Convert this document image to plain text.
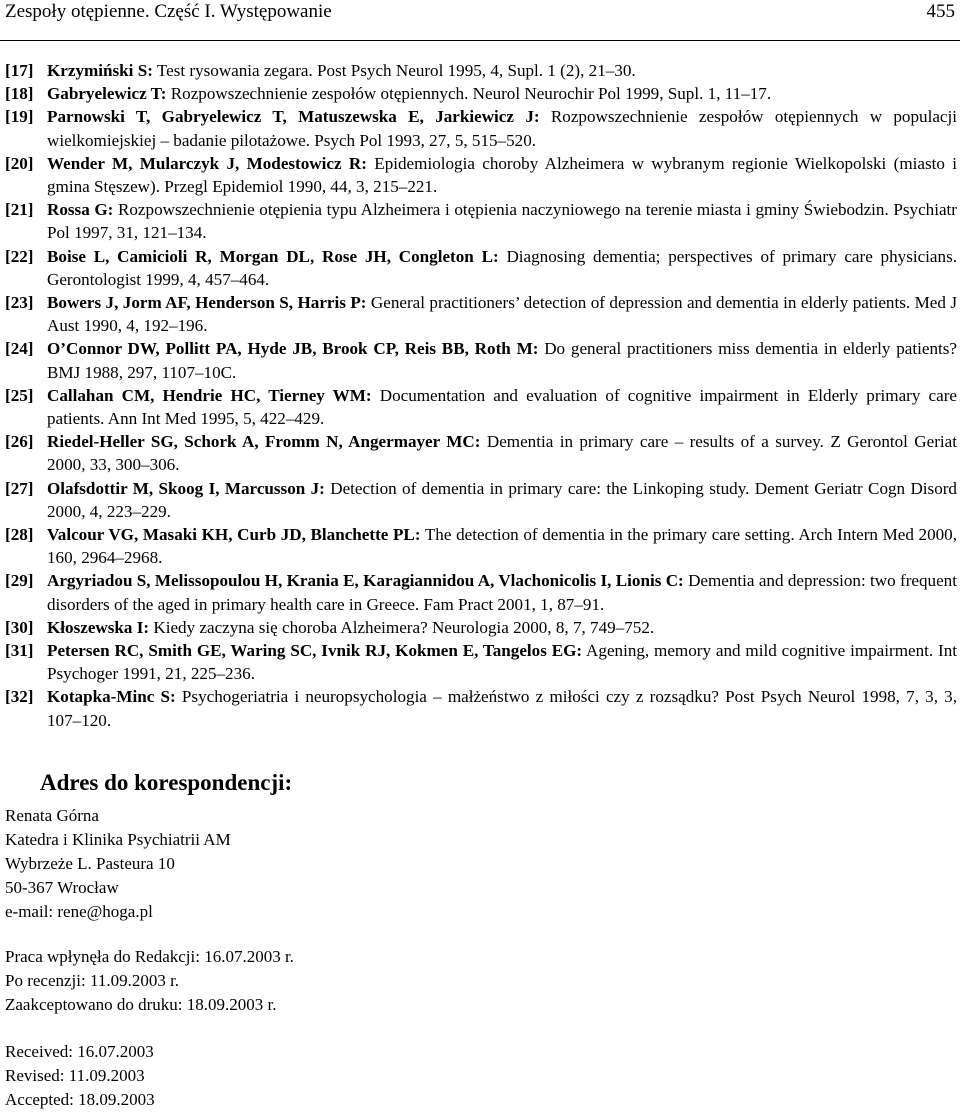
Zespoły otępienne. Część I. Występowanie	455
[17] Krzymiński S: Test rysowania zegara. Post Psych Neurol 1995, 4, Supl. 1 (2), 21–30.
[18] Gabryelewicz T: Rozpowszechnienie zespołów otępiennych. Neurol Neurochir Pol 1999, Supl. 1, 11–17.
[19] Parnowski T, Gabryelewicz T, Matuszewska E, Jarkiewicz J: Rozpowszechnienie zespołów otępiennych w populacji wielkomiejskiej – badanie pilotażowe. Psych Pol 1993, 27, 5, 515–520.
[20] Wender M, Mularczyk J, Modestowicz R: Epidemiologia choroby Alzheimera w wybranym regionie Wielkopolski (miasto i gmina Stęszew). Przegl Epidemiol 1990, 44, 3, 215–221.
[21] Rossa G: Rozpowszechnienie otępienia typu Alzheimera i otępienia naczyniowego na terenie miasta i gminy Świebodzin. Psychiatr Pol 1997, 31, 121–134.
[22] Boise L, Camicioli R, Morgan DL, Rose JH, Congleton L: Diagnosing dementia; perspectives of primary care physicians. Gerontologist 1999, 4, 457–464.
[23] Bowers J, Jorm AF, Henderson S, Harris P: General practitioners’ detection of depression and dementia in elderly patients. Med J Aust 1990, 4, 192–196.
[24] O’Connor DW, Pollitt PA, Hyde JB, Brook CP, Reis BB, Roth M: Do general practitioners miss dementia in elderly patients? BMJ 1988, 297, 1107–10C.
[25] Callahan CM, Hendrie HC, Tierney WM: Documentation and evaluation of cognitive impairment in Elderly primary care patients. Ann Int Med 1995, 5, 422–429.
[26] Riedel-Heller SG, Schork A, Fromm N, Angermayer MC: Dementia in primary care – results of a survey. Z Gerontol Geriat 2000, 33, 300–306.
[27] Olafsdottir M, Skoog I, Marcusson J: Detection of dementia in primary care: the Linkoping study. Dement Geriatr Cogn Disord 2000, 4, 223–229.
[28] Valcour VG, Masaki KH, Curb JD, Blanchette PL: The detection of dementia in the primary care setting. Arch Intern Med 2000, 160, 2964–2968.
[29] Argyriadou S, Melissopoulou H, Krania E, Karagiannidou A, Vlachonicolis I, Lionis C: Dementia and depression: two frequent disorders of the aged in primary health care in Greece. Fam Pract 2001, 1, 87–91.
[30] Kłoszewska I: Kiedy zaczyna się choroba Alzheimera? Neurologia 2000, 8, 7, 749–752.
[31] Petersen RC, Smith GE, Waring SC, Ivnik RJ, Kokmen E, Tangelos EG: Agening, memory and mild cognitive impairment. Int Psychoger 1991, 21, 225–236.
[32] Kotapka-Minc S: Psychogeriatria i neuropsychologia – małżeństwo z miłości czy z rozsądku? Post Psych Neurol 1998, 7, 3, 3, 107–120.
Adres do korespondencji:
Renata Górna
Katedra i Klinika Psychiatrii AM
Wybrzeże L. Pasteura 10
50-367 Wrocław
e-mail: rene@hoga.pl
Praca wpłynęła do Redakcji: 16.07.2003 r.
Po recenzji: 11.09.2003 r.
Zaakceptowano do druku: 18.09.2003 r.
Received: 16.07.2003
Revised: 11.09.2003
Accepted: 18.09.2003
